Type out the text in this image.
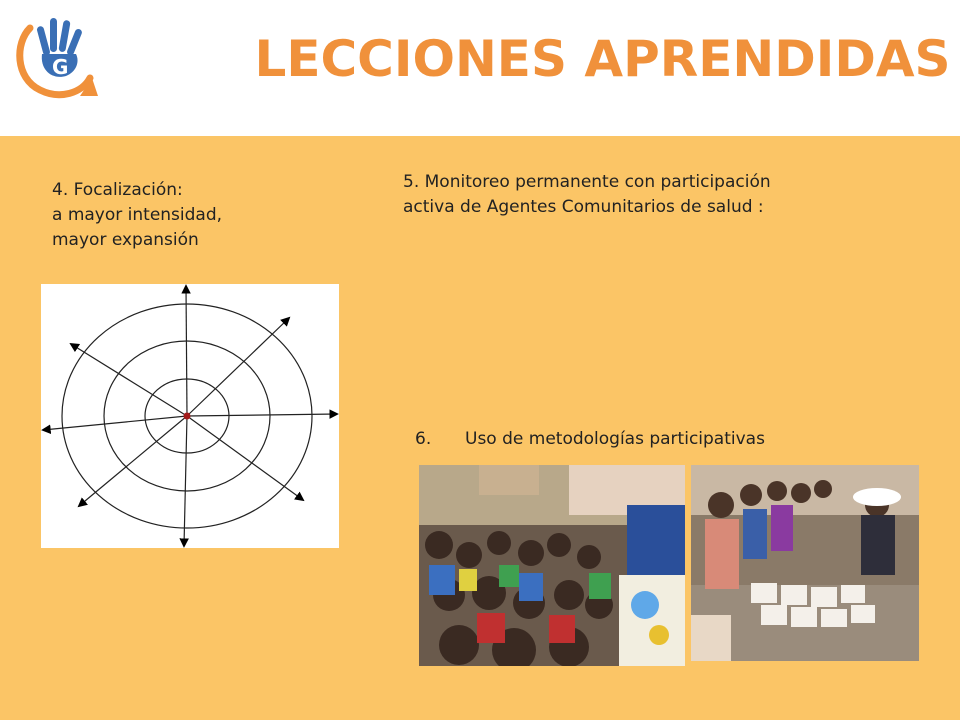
G	LECCIONES APRENDIDAS
4. Focalización:
a mayor intensidad,
mayor expansión
5. Monitoreo permanente con participación
activa de Agentes Comunitarios de salud :
6. Uso de metodologías participativas
